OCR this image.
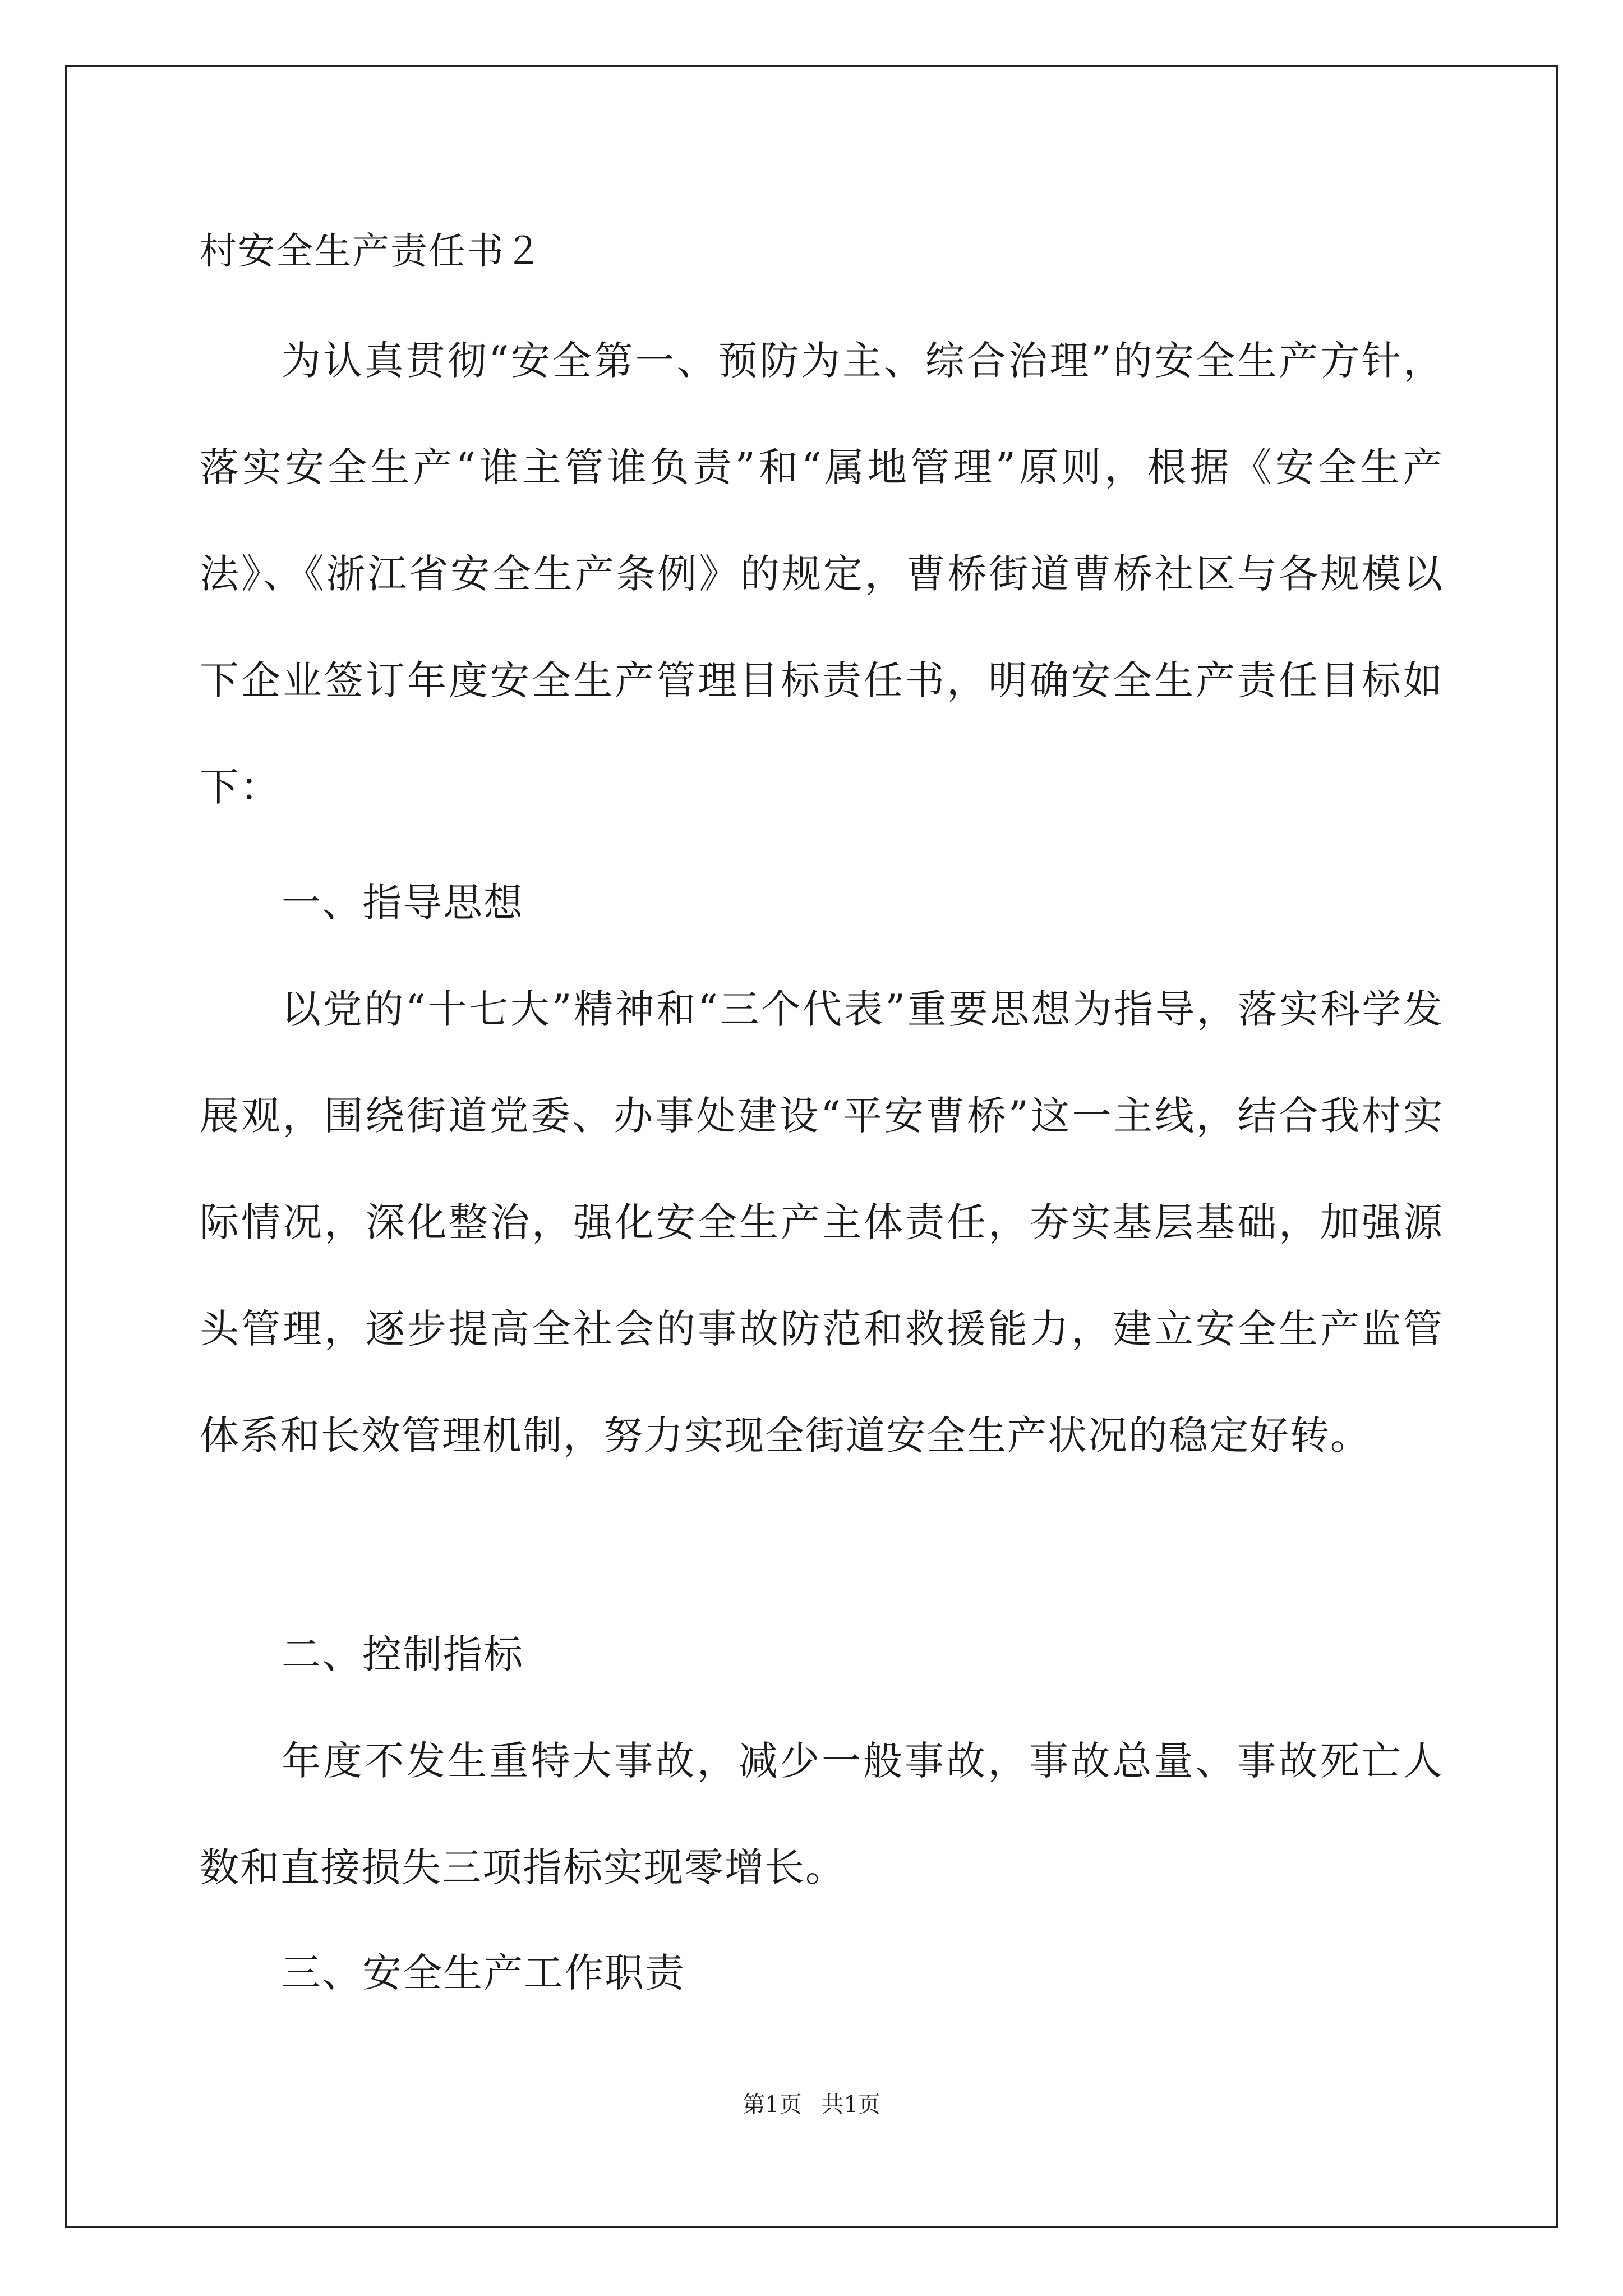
村安全生产责任书２
为认真贯彻“安全第一、预防为主、综合治理”的安全生产方针，落实安全生产“谁主管谁负责”和“属地管理”原则，根据《安全生产法》、《浙江省安全生产条例》的规定，曹桥街道曹桥社区与各规模以下企业签订年度安全生产管理目标责任书，明确安全生产责任目标如下：
一、指导思想
以党的“十七大”精神和“三个代表”重要思想为指导，落实科学发展观，围绕街道党委、办事处建设“平安曹桥”这一主线，结合我村实际情况，深化整治，强化安全生产主体责任，夯实基层基础，加强源头管理，逐步提高全社会的事故防范和救援能力，建立安全生产监管体系和长效管理机制，努力实现全街道安全生产状况的稳定好转。
二、控制指标
年度不发生重特大事故，减少一般事故，事故总量、事故死亡人数和直接损失三项指标实现零增长。
三、安全生产工作职责
第1页 共1页
